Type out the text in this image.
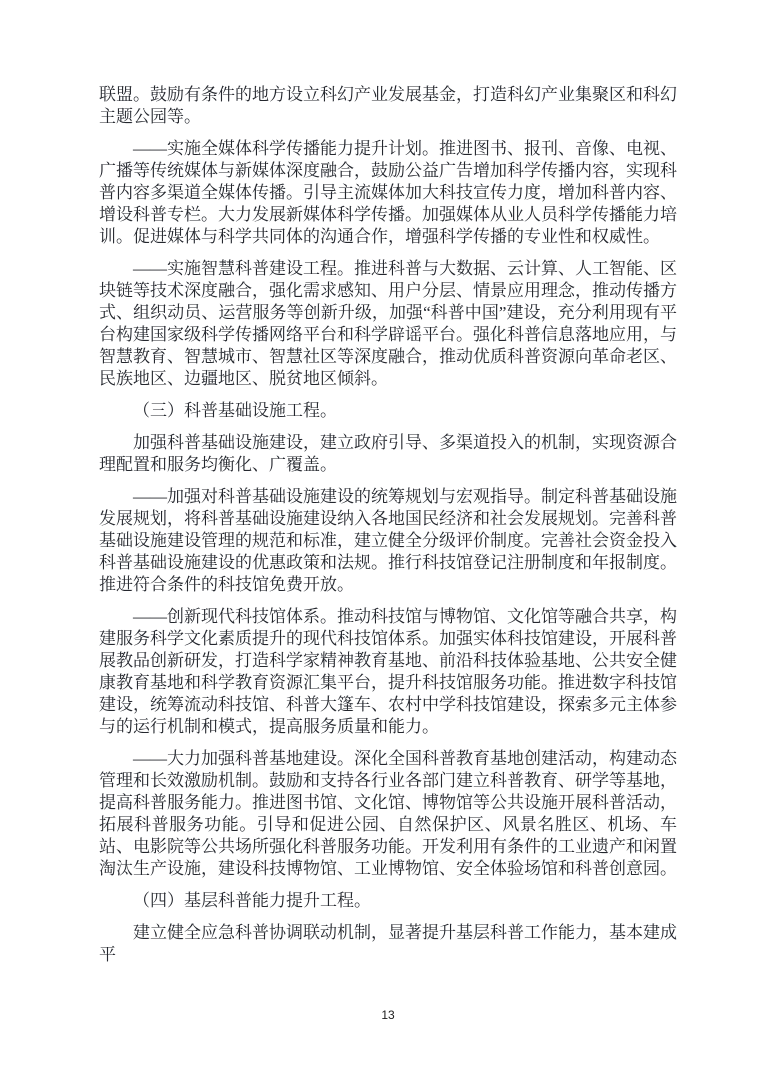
联盟。鼓励有条件的地方设立科幻产业发展基金，打造科幻产业集聚区和科幻主题公园等。

——实施全媒体科学传播能力提升计划。推进图书、报刊、音像、电视、广播等传统媒体与新媒体深度融合，鼓励公益广告增加科学传播内容，实现科普内容多渠道全媒体传播。引导主流媒体加大科技宣传力度，增加科普内容、增设科普专栏。大力发展新媒体科学传播。加强媒体从业人员科学传播能力培训。促进媒体与科学共同体的沟通合作，增强科学传播的专业性和权威性。

——实施智慧科普建设工程。推进科普与大数据、云计算、人工智能、区块链等技术深度融合，强化需求感知、用户分层、情景应用理念，推动传播方式、组织动员、运营服务等创新升级，加强“科普中国”建设，充分利用现有平台构建国家级科学传播网络平台和科学辟谣平台。强化科普信息落地应用，与智慧教育、智慧城市、智慧社区等深度融合，推动优质科普资源向革命老区、民族地区、边疆地区、脱贫地区倾斜。

（三）科普基础设施工程。

加强科普基础设施建设，建立政府引导、多渠道投入的机制，实现资源合理配置和服务均衡化、广覆盖。

——加强对科普基础设施建设的统筹规划与宏观指导。制定科普基础设施发展规划，将科普基础设施建设纳入各地国民经济和社会发展规划。完善科普基础设施建设管理的规范和标准，建立健全分级评价制度。完善社会资金投入科普基础设施建设的优惠政策和法规。推行科技馆登记注册制度和年报制度。推进符合条件的科技馆免费开放。

——创新现代科技馆体系。推动科技馆与博物馆、文化馆等融合共享，构建服务科学文化素质提升的现代科技馆体系。加强实体科技馆建设，开展科普展教品创新研发，打造科学家精神教育基地、前沿科技体验基地、公共安全健康教育基地和科学教育资源汇集平台，提升科技馆服务功能。推进数字科技馆建设，统筹流动科技馆、科普大篷车、农村中学科技馆建设，探索多元主体参与的运行机制和模式，提高服务质量和能力。

——大力加强科普基地建设。深化全国科普教育基地创建活动，构建动态管理和长效激励机制。鼓励和支持各行业各部门建立科普教育、研学等基地，提高科普服务能力。推进图书馆、文化馆、博物馆等公共设施开展科普活动，拓展科普服务功能。引导和促进公园、自然保护区、风景名胜区、机场、车站、电影院等公共场所强化科普服务功能。开发利用有条件的工业遗产和闲置淘汰生产设施，建设科技博物馆、工业博物馆、安全体验场馆和科普创意园。

（四）基层科普能力提升工程。

建立健全应急科普协调联动机制，显著提升基层科普工作能力，基本建成平

13
